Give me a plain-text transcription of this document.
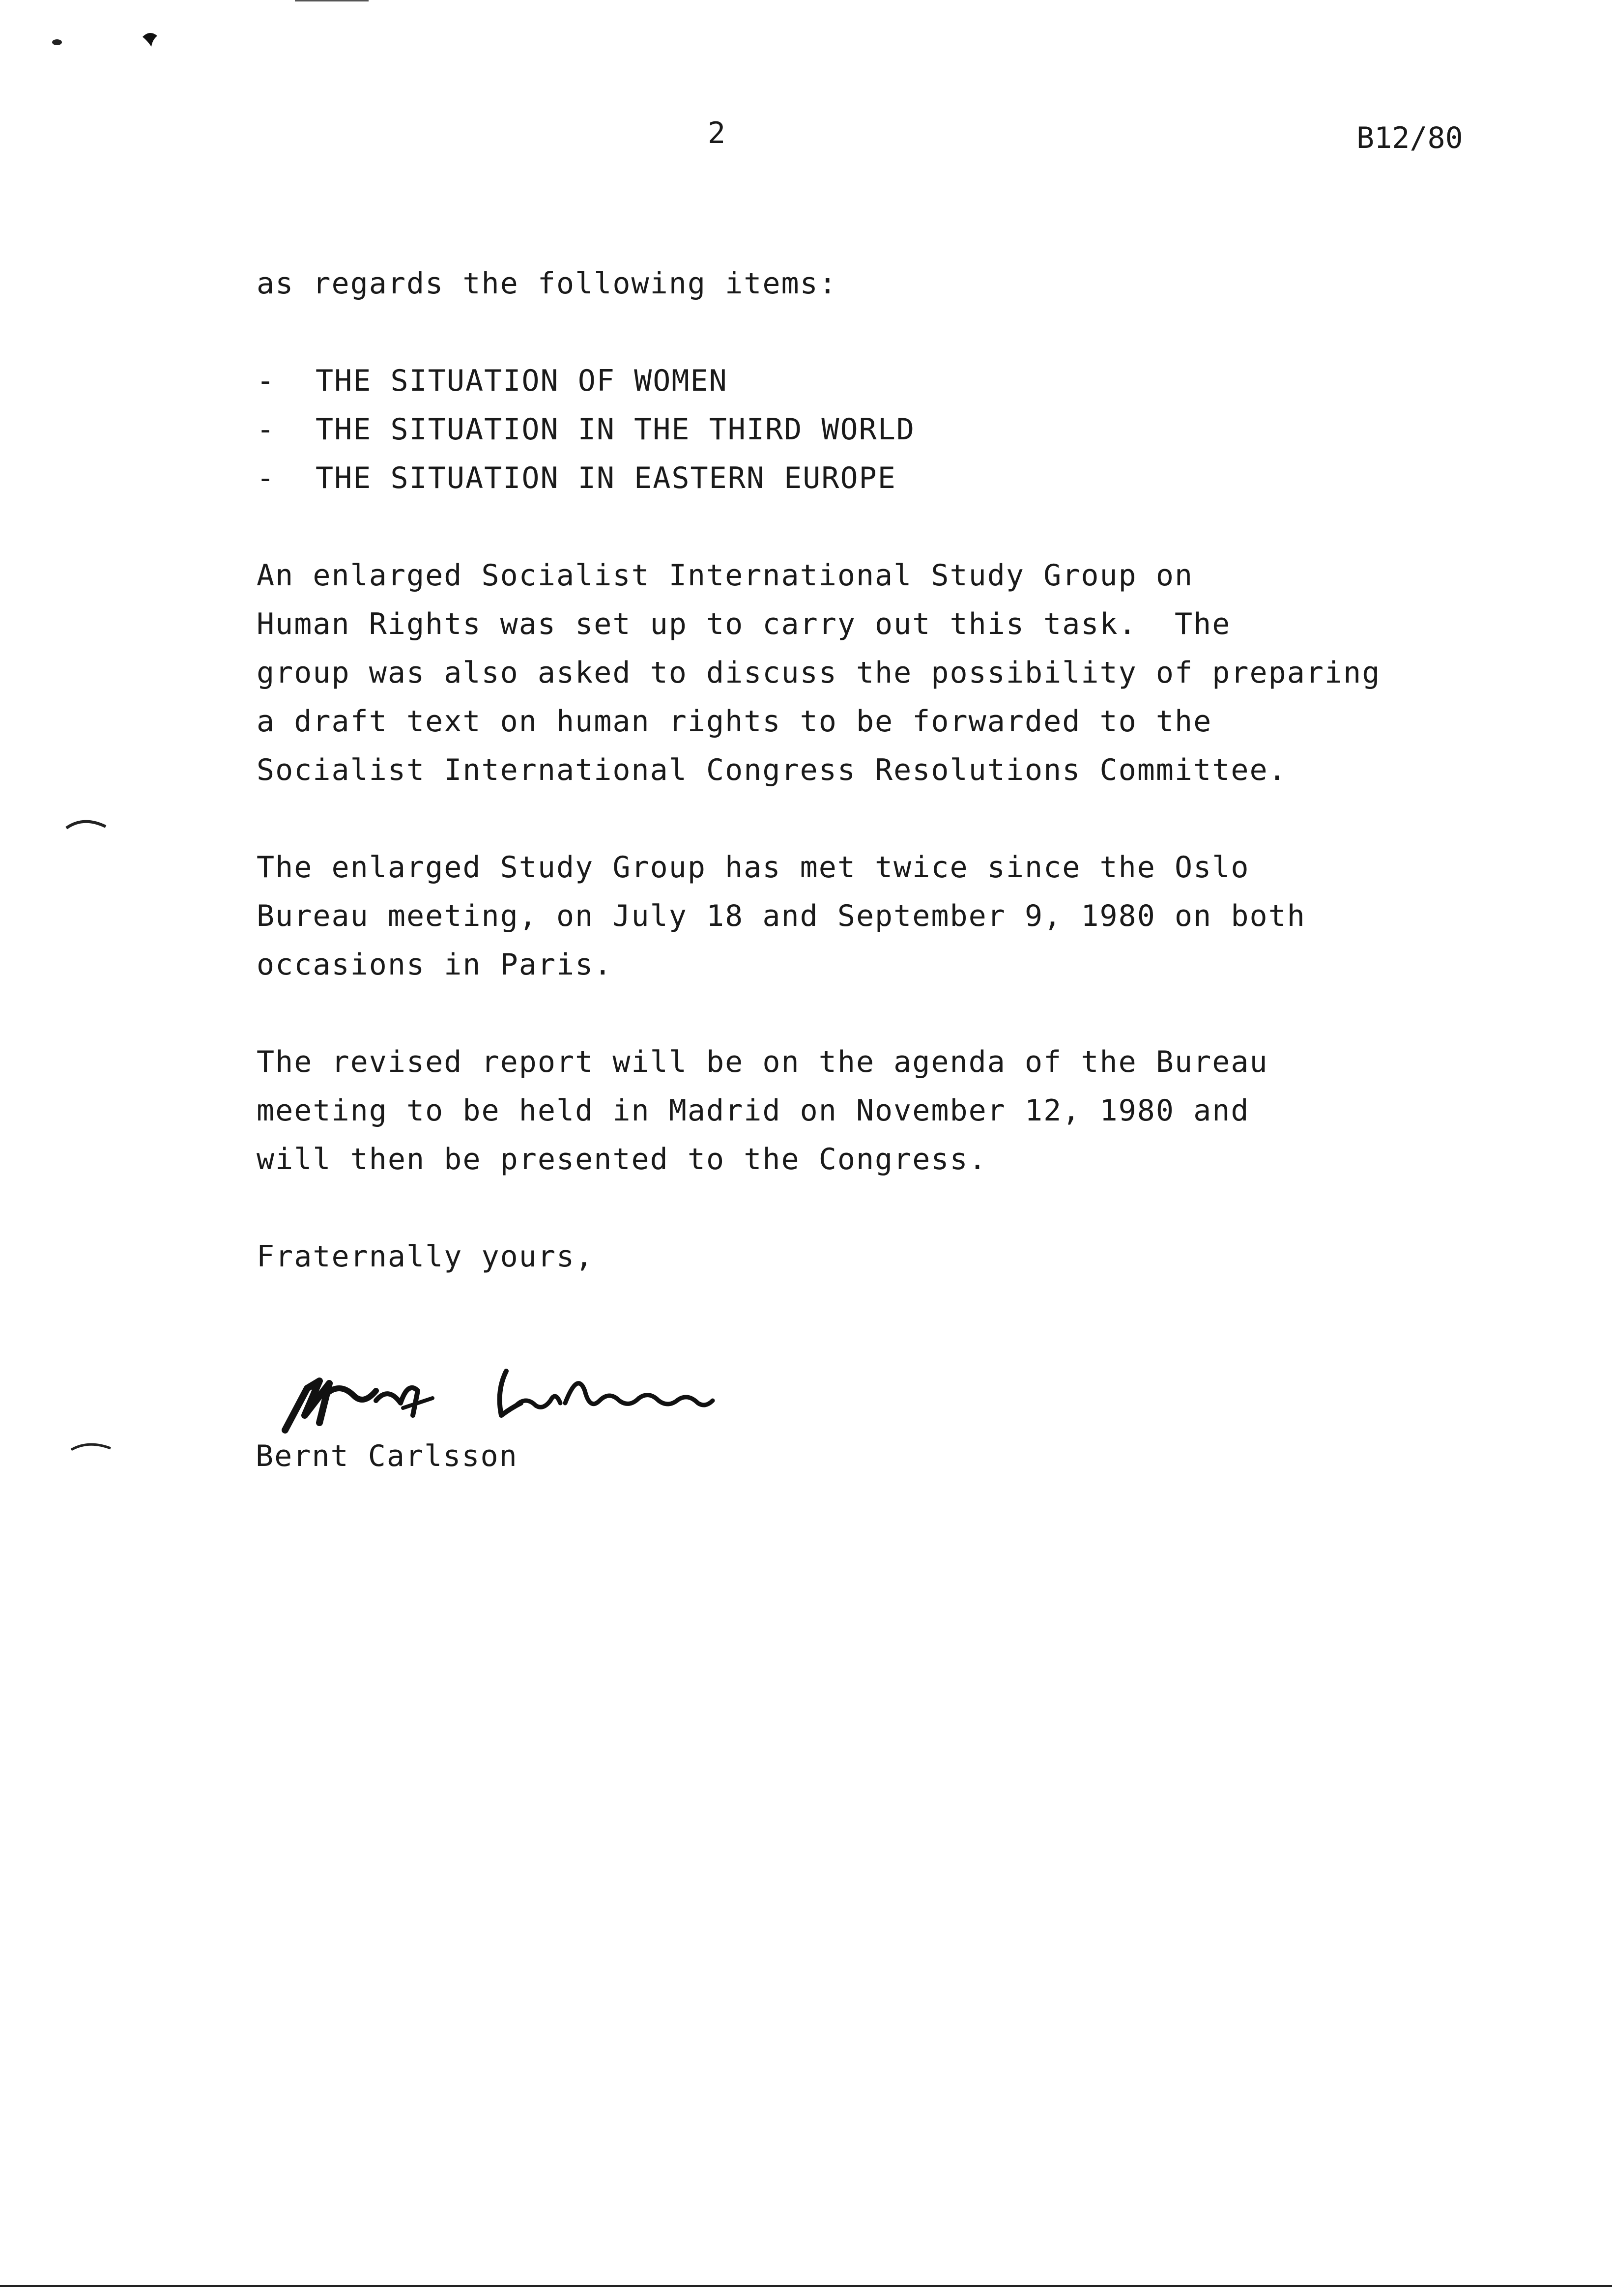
2	B12/80
as regards the following items:
- THE SITUATION OF WOMEN
- THE SITUATION IN THE THIRD WORLD
- THE SITUATION IN EASTERN EUROPE
An enlarged Socialist International Study Group on
Human Rights was set up to carry out this task.  The
group was also asked to discuss the possibility of preparing
a draft text on human rights to be forwarded to the
Socialist International Congress Resolutions Committee.
The enlarged Study Group has met twice since the Oslo
Bureau meeting, on July 18 and September 9, 1980 on both
occasions in Paris.
The revised report will be on the agenda of the Bureau
meeting to be held in Madrid on November 12, 1980 and
will then be presented to the Congress.
Fraternally yours,
Bernt Carlsson
